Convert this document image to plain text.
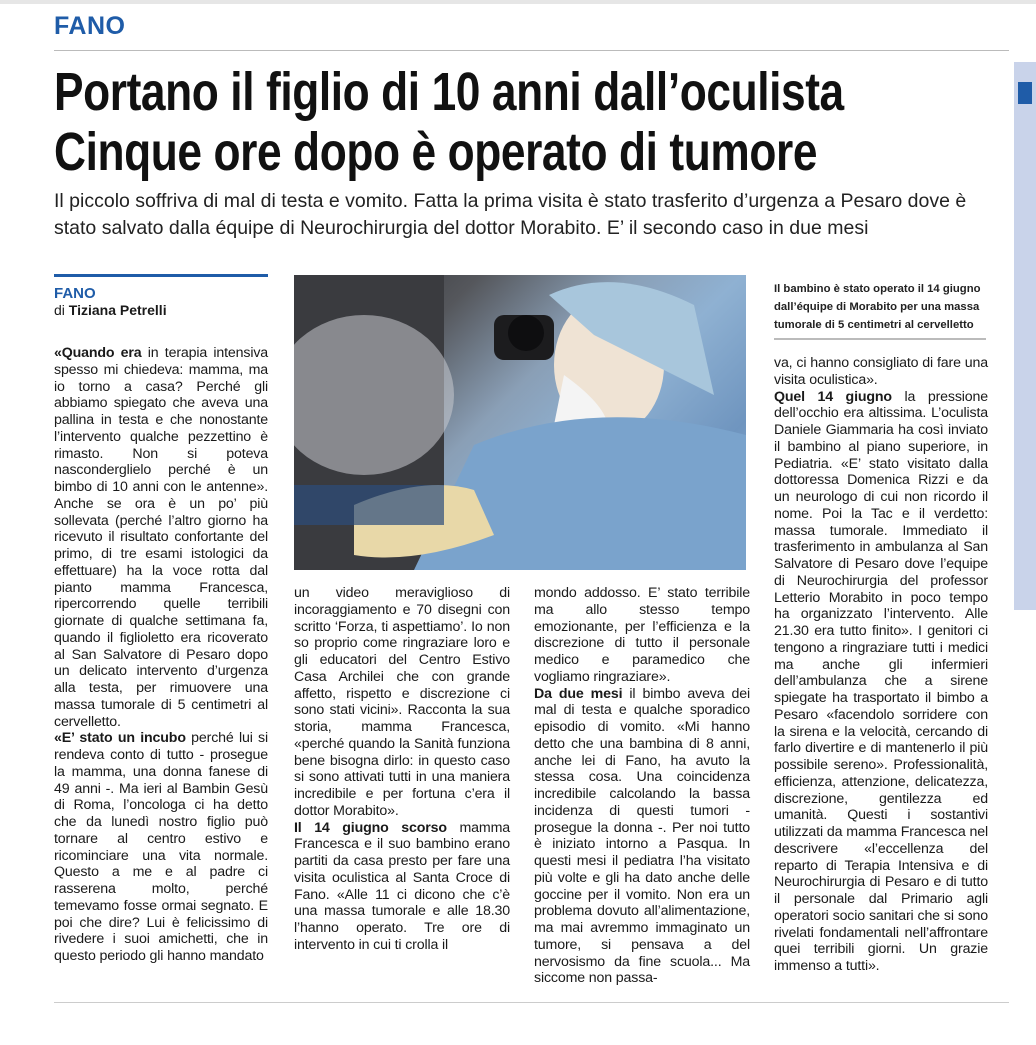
FANO
Portano il figlio di 10 anni dall’oculista
Cinque ore dopo è operato di tumore
Il piccolo soffriva di mal di testa e vomito. Fatta la prima visita è stato trasferito d’urgenza a Pesaro dove è stato salvato dalla équipe di Neurochirurgia del dottor Morabito. E’ il secondo caso in due mesi
FANO
di Tiziana Petrelli
Il bambino è stato operato il 14 giugno dall’équipe di Morabito per una massa tumorale di 5 centimetri al cervelletto

«Quando era in terapia intensiva spesso mi chiedeva: mamma, ma io torno a casa? Perché gli abbiamo spiegato che aveva una pallina in testa e che nonostante l’intervento qualche pezzettino è rimasto. Non si poteva nasconderglielo perché è un bimbo di 10 anni con le antenne». Anche se ora è un po’ più sollevata (perché l’altro giorno ha ricevuto il risultato confortante del primo, di tre esami istologici da effettuare) ha la voce rotta dal pianto mamma Francesca, ripercorrendo quelle terribili giornate di qualche settimana fa, quando il figlioletto era ricoverato al San Salvatore di Pesaro dopo un delicato intervento d’urgenza alla testa, per rimuovere una massa tumorale di 5 centimetri al cervelletto.

«E’ stato un incubo perché lui si rendeva conto di tutto - prosegue la mamma, una donna fanese di 49 anni -. Ma ieri al Bambin Gesù di Roma, l’oncologa ci ha detto che da lunedì nostro figlio può tornare al centro estivo e ricominciare una vita normale. Questo a me e al padre ci rasserena molto, perché temevamo fosse ormai segnato. E poi che dire? Lui è felicissimo di rivedere i suoi amichetti, che in questo periodo gli hanno mandato

un video meraviglioso di incoraggiamento e 70 disegni con scritto ‘Forza, ti aspettiamo’. Io non so proprio come ringraziare loro e gli educatori del Centro Estivo Casa Archilei che con grande affetto, rispetto e discrezione ci sono stati vicini». Racconta la sua storia, mamma Francesca, «perché quando la Sanità funziona bene bisogna dirlo: in questo caso si sono attivati tutti in una maniera incredibile e per fortuna c’era il dottor Morabito».

Il 14 giugno scorso mamma Francesca e il suo bambino erano partiti da casa presto per fare una visita oculistica al Santa Croce di Fano. «Alle 11 ci dicono che c’è una massa tumorale e alle 18.30 l’hanno operato. Tre ore di intervento in cui ti crolla il

mondo addosso. E’ stato terribile ma allo stesso tempo emozionante, per l’efficienza e la discrezione di tutto il personale medico e paramedico che vogliamo ringraziare».

Da due mesi il bimbo aveva dei mal di testa e qualche sporadico episodio di vomito. «Mi hanno detto che una bambina di 8 anni, anche lei di Fano, ha avuto la stessa cosa. Una coincidenza incredibile calcolando la bassa incidenza di questi tumori - prosegue la donna -. Per noi tutto è iniziato intorno a Pasqua. In questi mesi il pediatra l’ha visitato più volte e gli ha dato anche delle goccine per il vomito. Non era un problema dovuto all’alimentazione, ma mai avremmo immaginato un tumore, si pensava a del nervosismo da fine scuola... Ma siccome non passa-

va, ci hanno consigliato di fare una visita oculistica».

Quel 14 giugno la pressione dell’occhio era altissima. L’oculista Daniele Giammaria ha così inviato il bambino al piano superiore, in Pediatria. «E’ stato visitato dalla dottoressa Domenica Rizzi e da un neurologo di cui non ricordo il nome. Poi la Tac e il verdetto: massa tumorale. Immediato il trasferimento in ambulanza al San Salvatore di Pesaro dove l’equipe di Neurochirurgia del professor Letterio Morabito in poco tempo ha organizzato l’intervento. Alle 21.30 era tutto finito». I genitori ci tengono a ringraziare tutti i medici ma anche gli infermieri dell’ambulanza che a sirene spiegate ha trasportato il bimbo a Pesaro «facendolo sorridere con la sirena e la velocità, cercando di farlo divertire e di mantenerlo il più possibile sereno». Professionalità, efficienza, attenzione, delicatezza, discrezione, gentilezza ed umanità. Questi i sostantivi utilizzati da mamma Francesca nel descrivere «l’eccellenza del reparto di Terapia Intensiva e di Neurochirurgia di Pesaro e di tutto il personale dal Primario agli operatori socio sanitari che si sono rivelati fondamentali nell’affrontare quei terribili giorni. Un grazie immenso a tutti».
